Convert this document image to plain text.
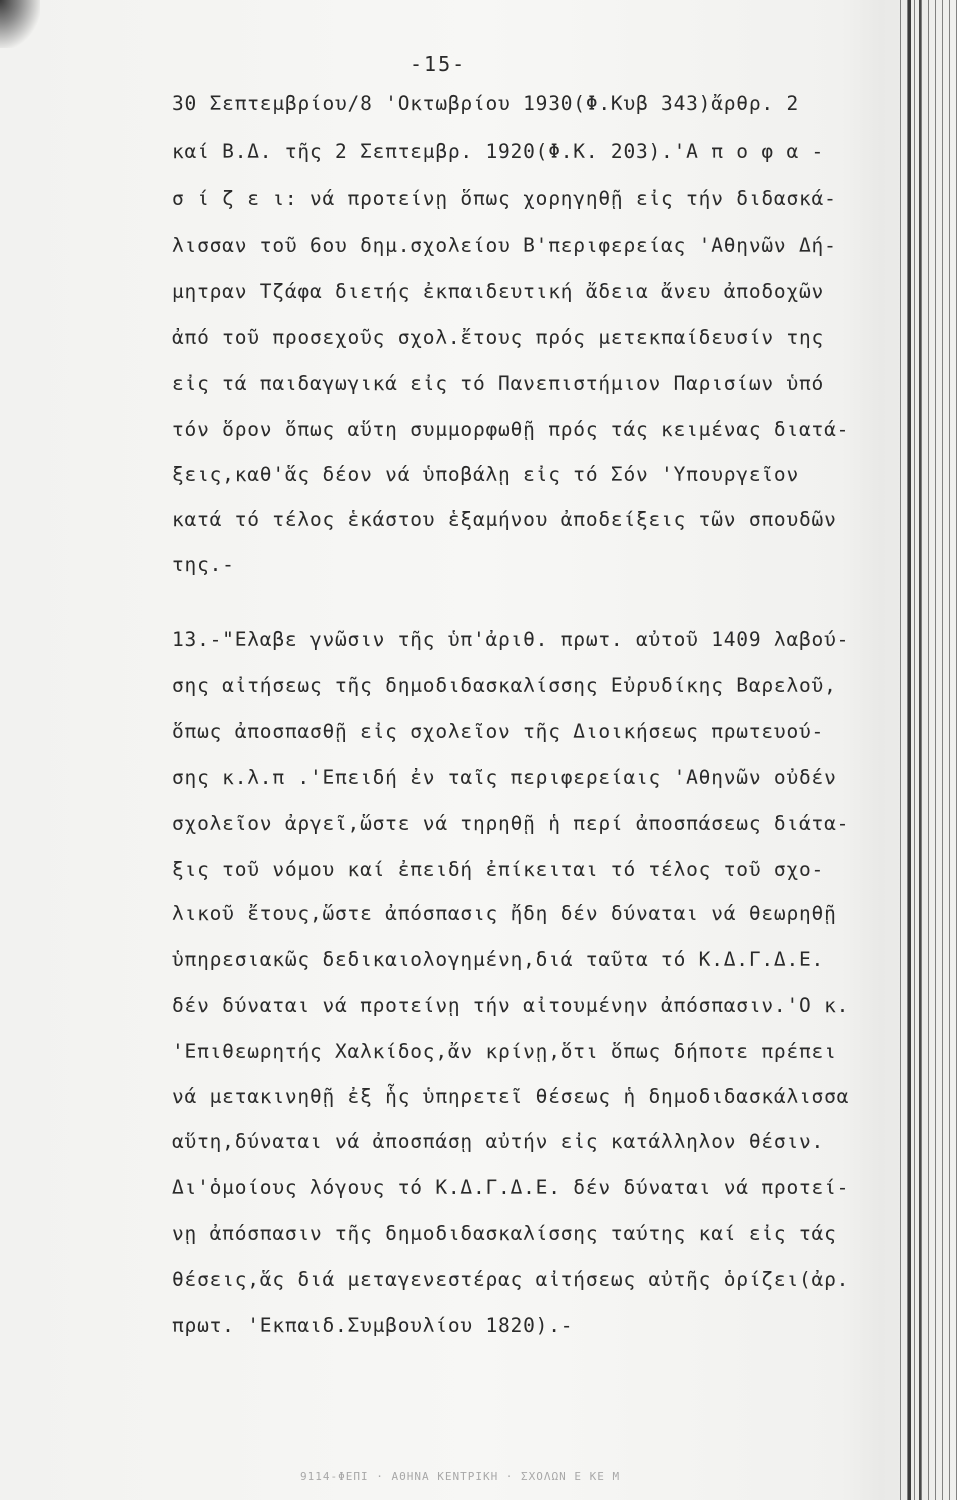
-15-
30 Σεπτεμβρίου/8 'Οκτωβρίου 1930(Φ.Κυβ 343)ἄρθρ. 2
καί Β.Δ. τῆς 2 Σεπτεμβρ. 1920(Φ.Κ. 203).'Α π ο φ α -
σ ί ζ ε ι: νά προτείνῃ ὅπως χορηγηθῇ εἰς τήν διδασκά-
λισσαν τοῦ 6ου δημ.σχολείου Β'περιφερείας 'Αθηνῶν Δή-
μητραν Τζάφα διετής ἐκπαιδευτική ἄδεια ἄνευ ἀποδοχῶν
ἀπό τοῦ προσεχοῦς σχολ.ἔτους πρός μετεκπαίδευσίν της
εἰς τά παιδαγωγικά εἰς τό Πανεπιστήμιον Παρισίων ὑπό
τόν ὅρον ὅπως αὕτη συμμορφωθῇ πρός τάς κειμένας διατά-
ξεις,καθ'ἅς δέον νά ὑποβάλῃ εἰς τό Σόν 'Υπουργεῖον
κατά τό τέλος ἑκάστου ἑξαμήνου ἀποδείξεις τῶν σπουδῶν
της.-
13.-"Ελαβε γνῶσιν τῆς ὑπ'ἀριθ. πρωτ. αὐτοῦ 1409 λαβού-
σης αἰτήσεως τῆς δημοδιδασκαλίσσης Εὐρυδίκης Βαρελοῦ,
ὅπως ἀποσπασθῇ εἰς σχολεῖον τῆς Διοικήσεως πρωτευού-
σης κ.λ.π .'Επειδή ἐν ταῖς περιφερείαις 'Αθηνῶν οὐδέν
σχολεῖον ἀργεῖ,ὥστε νά τηρηθῇ ἡ περί ἀποσπάσεως διάτα-
ξις τοῦ νόμου καί ἐπειδή ἐπίκειται τό τέλος τοῦ σχο-
λικοῦ ἔτους,ὥστε ἀπόσπασις ἤδη δέν δύναται νά θεωρηθῇ
ὑπηρεσιακῶς δεδικαιολογημένη,διά ταῦτα τό Κ.Δ.Γ.Δ.Ε.
δέν δύναται νά προτείνῃ τήν αἰτουμένην ἀπόσπασιν.'Ο κ.
'Επιθεωρητής Χαλκίδος,ἄν κρίνῃ,ὅτι ὅπως δήποτε πρέπει
νά μετακινηθῇ ἐξ ἧς ὑπηρετεῖ θέσεως ἡ δημοδιδασκάλισσα
αὕτη,δύναται νά ἀποσπάσῃ αὐτήν εἰς κατάλληλον θέσιν.
Δι'ὁμοίους λόγους τό Κ.Δ.Γ.Δ.Ε. δέν δύναται νά προτεί-
νῃ ἀπόσπασιν τῆς δημοδιδασκαλίσσης ταύτης καί εἰς τάς
θέσεις,ἅς διά μεταγενεστέρας αἰτήσεως αὐτῆς ὁρίζει(ἀρ.
πρωτ. 'Εκπαιδ.Συμβουλίου 1820).-
9114-ΦΕΠΙ · ΑΘΗΝΑ ΚΕΝΤΡΙΚΗ · ΣΧΟΛΩΝ Ε ΚΕ Μ
